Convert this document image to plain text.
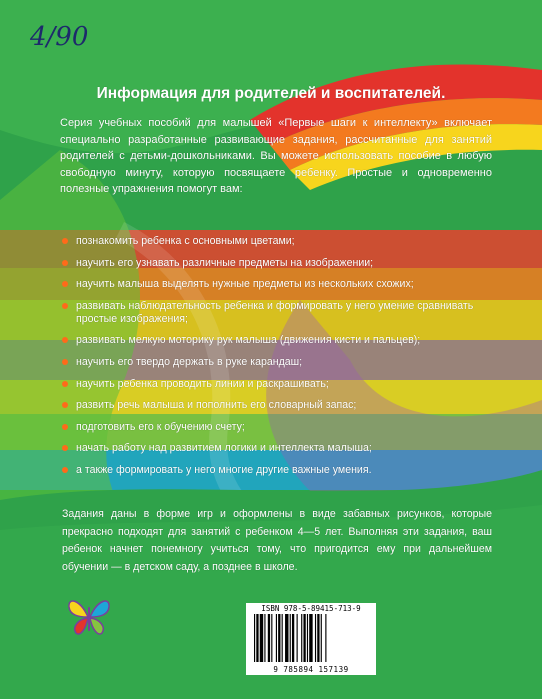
4/90
Информация для родителей и воспитателей.
Серия учебных пособий для малышей «Первые шаги к интеллекту» включает специально разработанные развивающие задания, рассчитанные для занятий родителей с детьми-дошкольниками. Вы можете использовать пособие в любую свободную минуту, которую посвящаете ребенку. Простые и одновременно полезные упражнения помогут вам:
познакомить ребенка с основными цветами;
научить его узнавать различные предметы на изображении;
научить малыша выделять нужные предметы из нескольких схожих;
развивать наблюдательность ребенка и формировать у него умение сравнивать простые изображения;
развивать мелкую моторику рук малыша (движения кисти и пальцев);
научить его твердо держать в руке карандаш;
научить ребенка проводить линии и раскрашивать;
развить речь малыша и пополнить его словарный запас;
подготовить его к обучению счету;
начать работу над развитием логики и интеллекта малыша;
а также формировать у него многие другие важные умения.
Задания даны в форме игр и оформлены в виде забавных рисунков, которые прекрасно подходят для занятий с ребенком 4—5 лет. Выполняя эти задания, ваш ребенок начнет понемногу учиться тому, что пригодится ему при дальнейшем обучении — в детском саду, а позднее в школе.
ISBN 978-5-89415-713-9
9 785894 157139
